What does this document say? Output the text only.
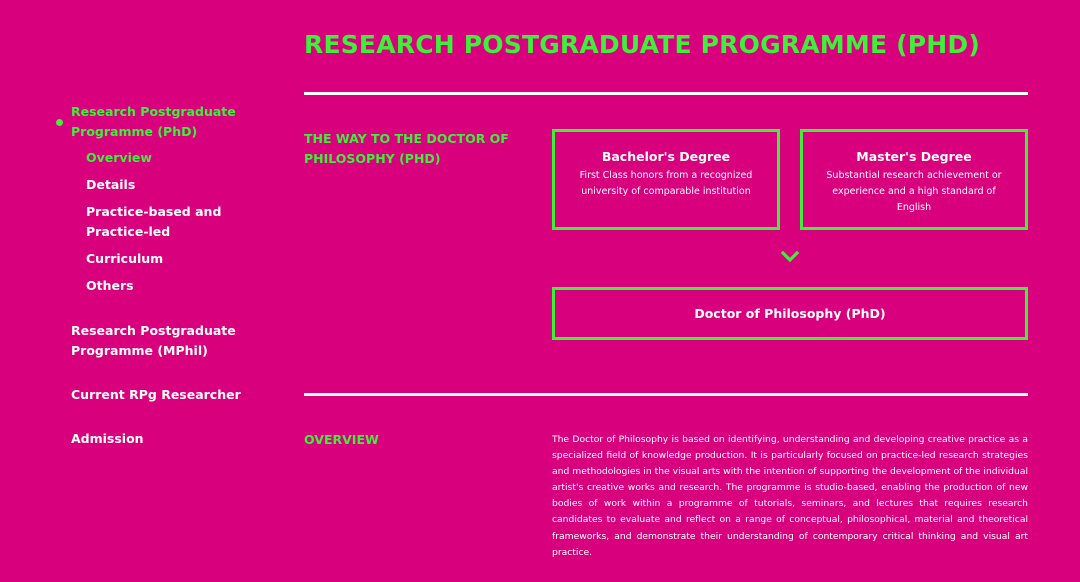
RESEARCH POSTGRADUATE PROGRAMME (PHD)
Research Postgraduate Programme (PhD)
Overview
Details
Practice-based and Practice-led
Curriculum
Others
Research Postgraduate Programme (MPhil)
Current RPg Researcher
Admission
THE WAY TO THE DOCTOR OF PHILOSOPHY (PHD)	Bachelor's Degree
First Class honors from a recognized university of comparable institution
Master's Degree
Substantial research achievement or experience and a high standard of English
Doctor of Philosophy (PhD)
OVERVIEW	The Doctor of Philosophy is based on identifying, understanding and developing creative practice as a specialized field of knowledge production. It is particularly focused on practice-led research strategies and methodologies in the visual arts with the intention of supporting the development of the individual artist's creative works and research. The programme is studio-based, enabling the production of new bodies of work within a programme of tutorials, seminars, and lectures that requires research candidates to evaluate and reflect on a range of conceptual, philosophical, material and theoretical frameworks, and demonstrate their understanding of contemporary critical thinking and visual art practice.
